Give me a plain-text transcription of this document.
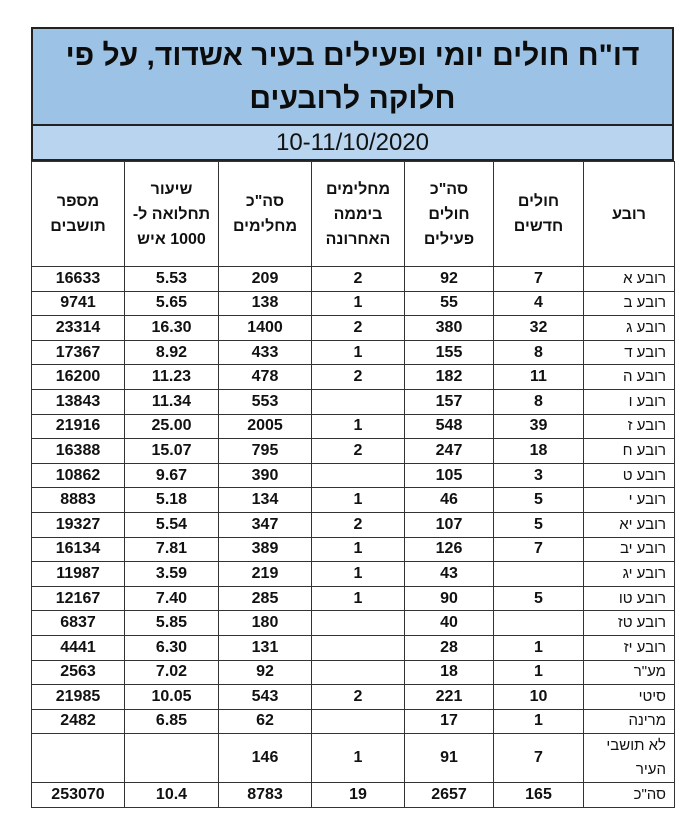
דו"ח חולים יומי ופעילים בעיר אשדוד, על פי
חלוקה לרובעים
10-11/10/2020
רובע	חולים חדשים	סה"כ חולים פעילים	מחלימים ביממה האחרונה	סה"כ מחלימים	שיעור תחלואה ל- 1000 איש	מספר תושבים
רובע א	7	92	2	209	5.53	16633
רובע ב	4	55	1	138	5.65	9741
רובע ג	32	380	2	1400	16.30	23314
רובע ד	8	155	1	433	8.92	17367
רובע ה	11	182	2	478	11.23	16200
רובע ו	8	157		553	11.34	13843
רובע ז	39	548	1	2005	25.00	21916
רובע ח	18	247	2	795	15.07	16388
רובע ט	3	105		390	9.67	10862
רובע י	5	46	1	134	5.18	8883
רובע יא	5	107	2	347	5.54	19327
רובע יב	7	126	1	389	7.81	16134
רובע יג		43	1	219	3.59	11987
רובע טו	5	90	1	285	7.40	12167
רובע טז		40		180	5.85	6837
רובע יז	1	28		131	6.30	4441
מע"ר	1	18		92	7.02	2563
סיטי	10	221	2	543	10.05	21985
מרינה	1	17		62	6.85	2482
לא תושבי העיר	7	91	1	146		
סה"כ	165	2657	19	8783	10.4	253070
